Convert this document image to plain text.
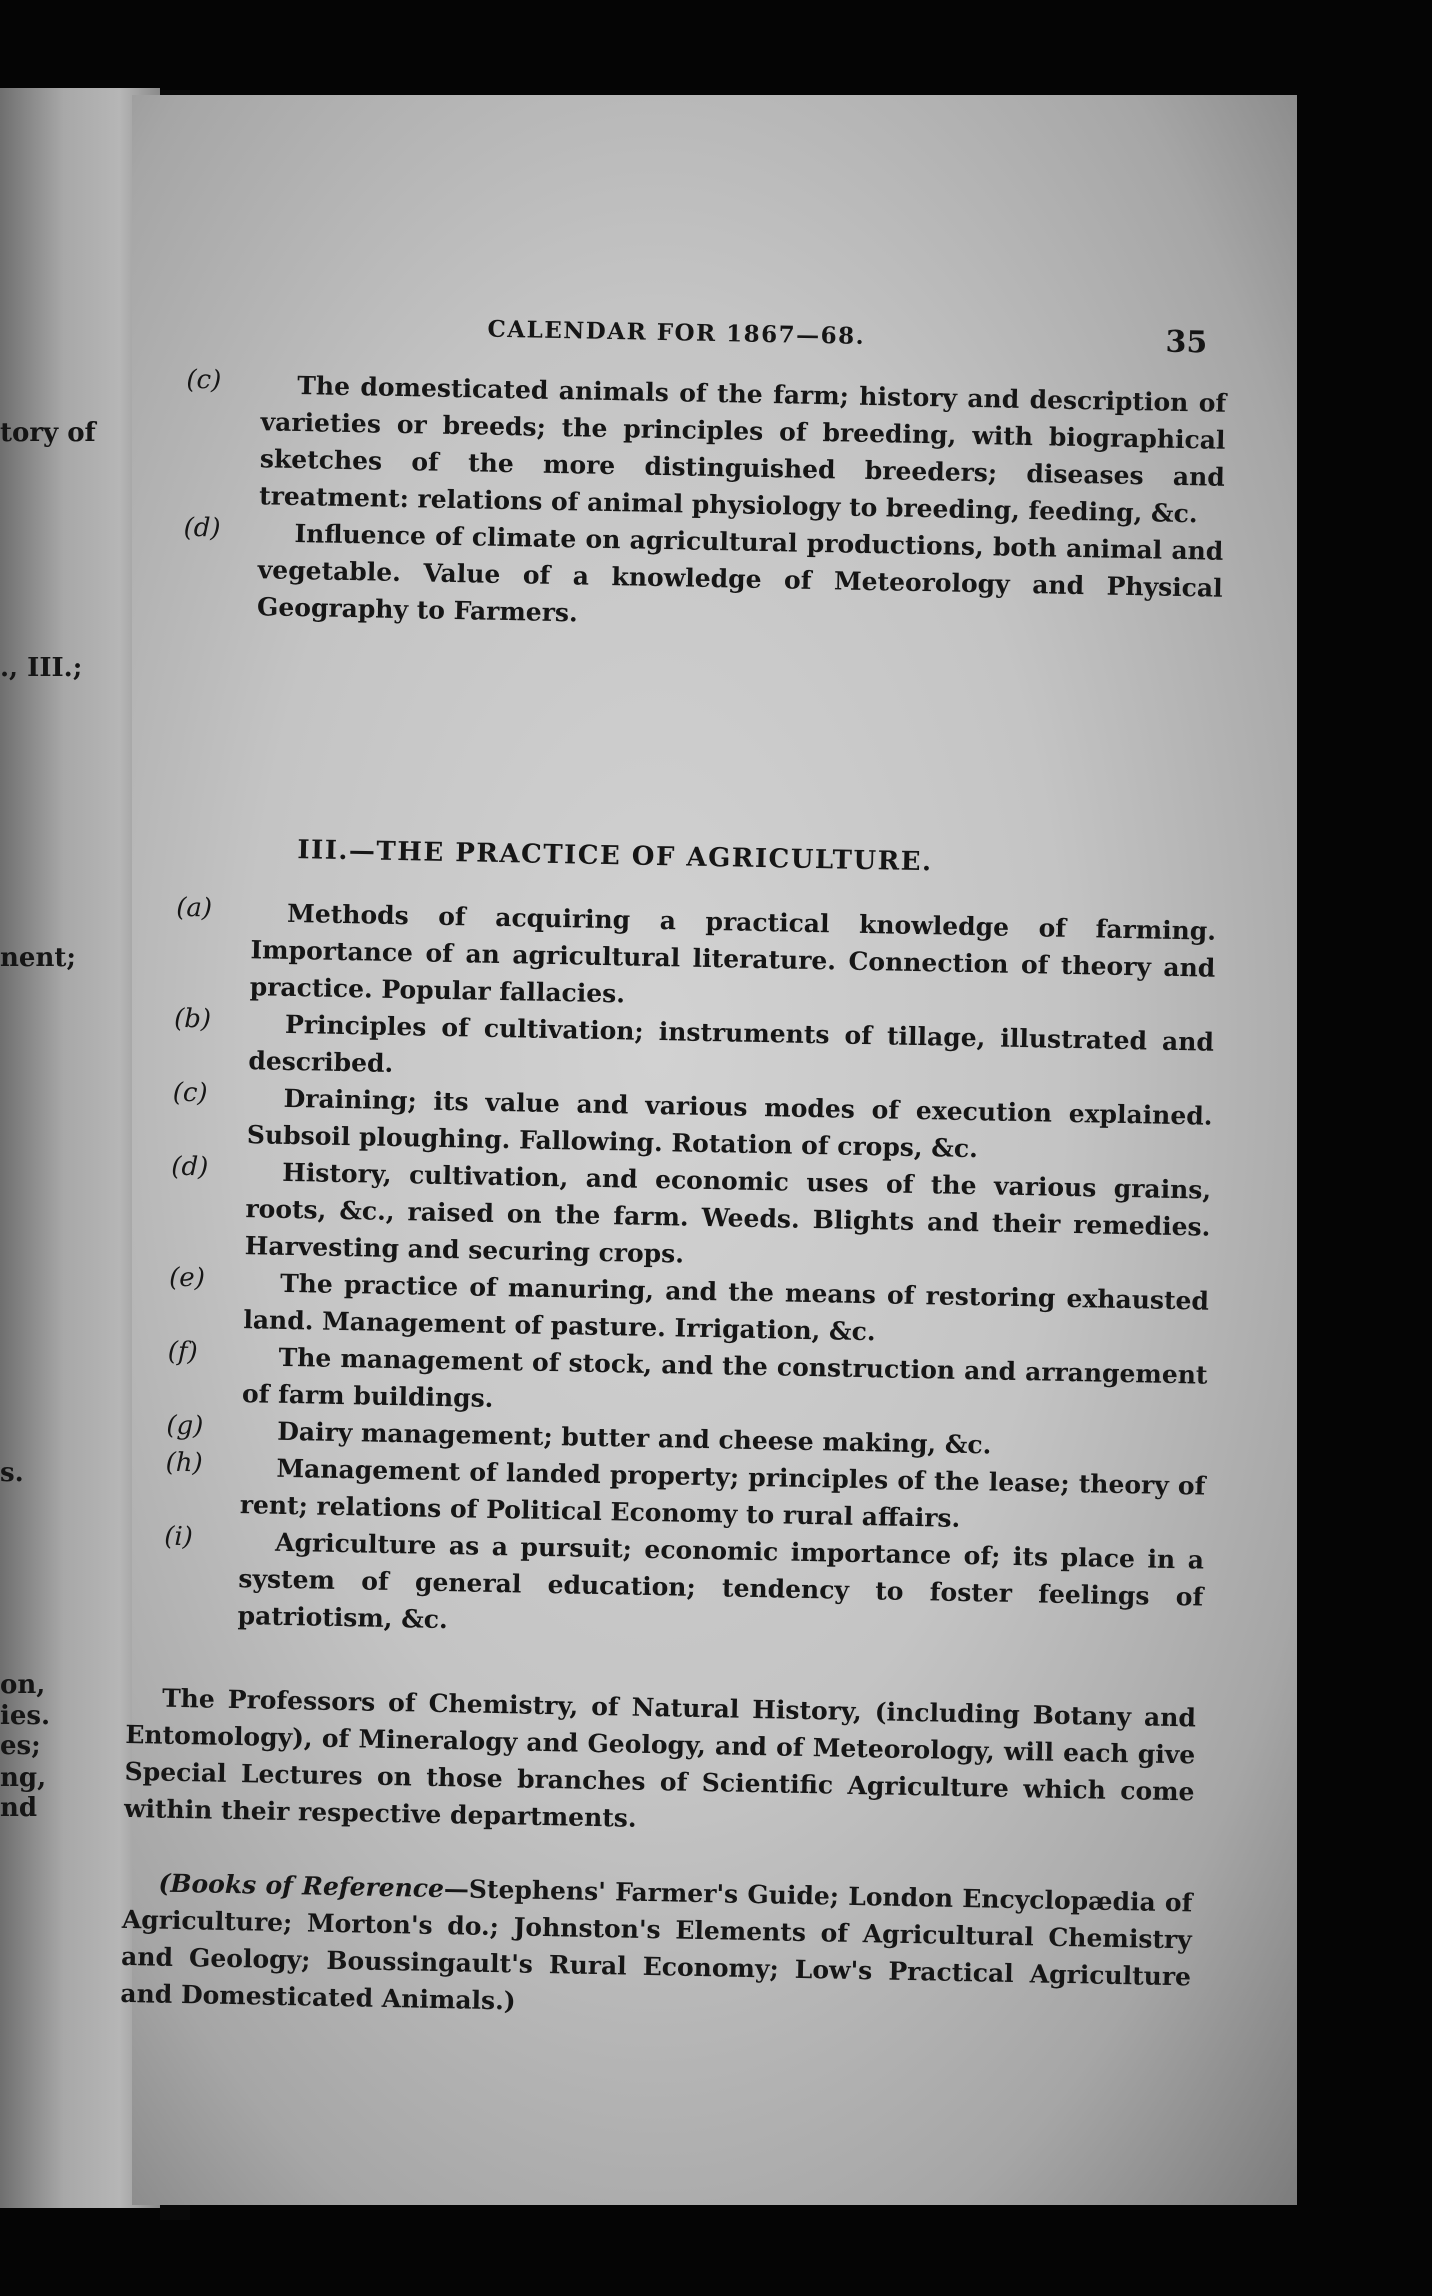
tory of
., III.;
nent;
s.
on,
ies.
es;
ng,
nd
CALENDAR FOR 1867—68.	35
(c)	The domesticated animals of the farm; history and description of varieties or breeds; the principles of breeding, with biographical sketches of the more distinguished breeders; diseases and treatment: relations of animal physiology to breeding, feeding, &c.
(d)	Influence of climate on agricultural productions, both animal and vegetable. Value of a knowledge of Meteorology and Physical Geography to Farmers.
III.—THE PRACTICE OF AGRICULTURE.
(a)	Methods of acquiring a practical knowledge of farming. Importance of an agricultural literature. Connection of theory and practice. Popular fallacies.
(b)	Principles of cultivation; instruments of tillage, illustrated and described.
(c)	Draining; its value and various modes of execution explained. Subsoil ploughing. Fallowing. Rotation of crops, &c.
(d)	History, cultivation, and economic uses of the various grains, roots, &c., raised on the farm. Weeds. Blights and their remedies. Harvesting and securing crops.
(e)	The practice of manuring, and the means of restoring exhausted land. Management of pasture. Irrigation, &c.
(f)	The management of stock, and the construction and arrangement of farm buildings.
(g)	Dairy management; butter and cheese making, &c.
(h)	Management of landed property; principles of the lease; theory of rent; relations of Political Economy to rural affairs.
(i)	Agriculture as a pursuit; economic importance of; its place in a system of general education; tendency to foster feelings of patriotism, &c.
The Professors of Chemistry, of Natural History, (including Botany and Entomology), of Mineralogy and Geology, and of Meteorology, will each give Special Lectures on those branches of Scientific Agriculture which come within their respective departments.
(Books of Reference—Stephens' Farmer's Guide; London Encyclopædia of Agriculture; Morton's do.; Johnston's Elements of Agricultural Chemistry and Geology; Boussingault's Rural Economy; Low's Practical Agriculture and Domesticated Animals.)
